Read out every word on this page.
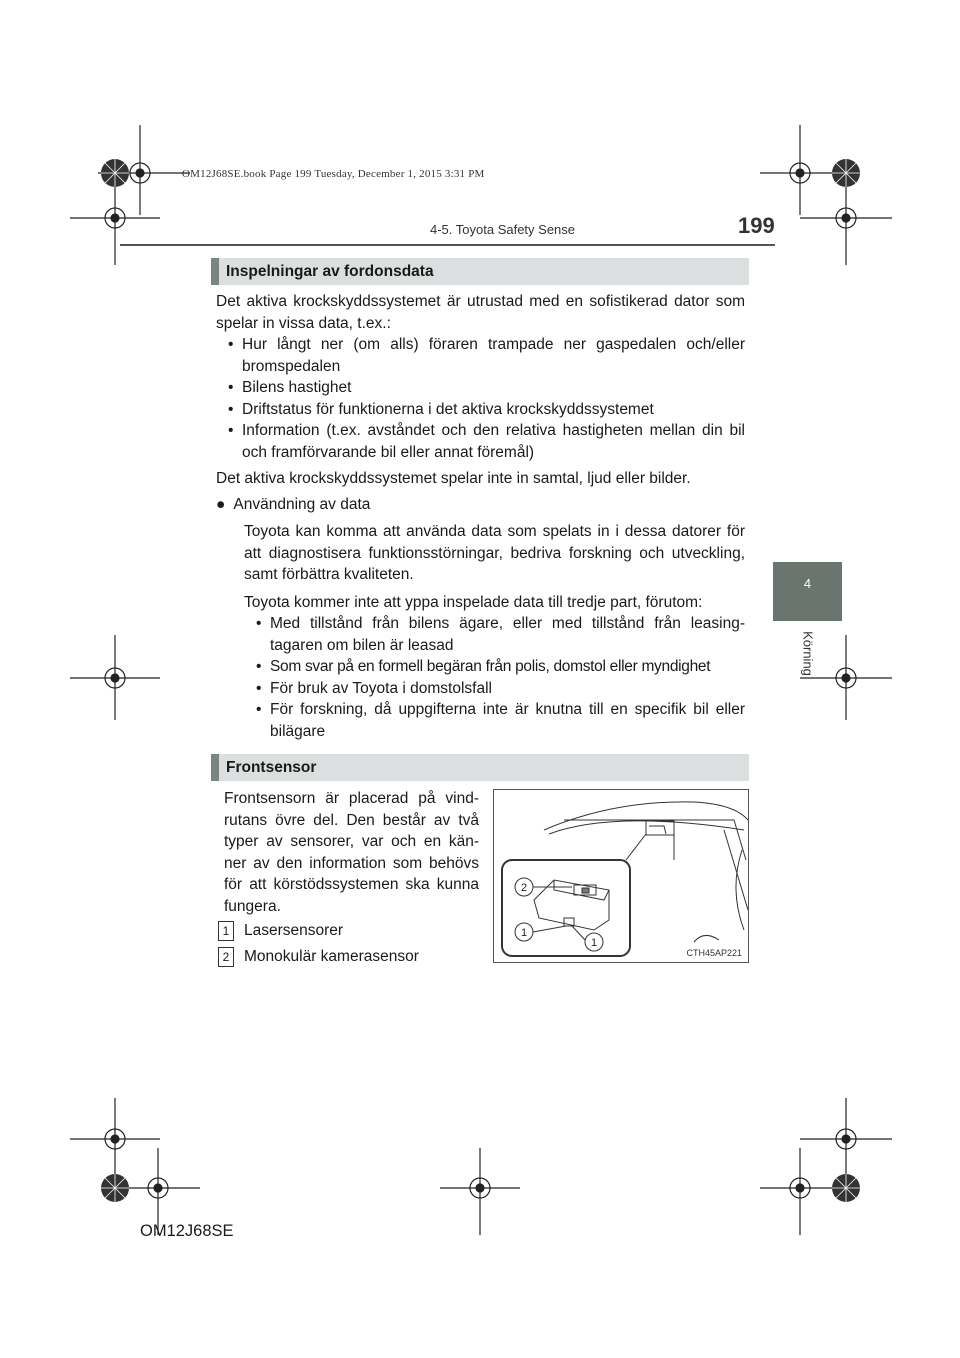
OM12J68SE.book Page 199 Tuesday, December 1, 2015 3:31 PM
4-5. Toyota Safety Sense	199
4
Körning
Inspelningar av fordonsdata
Det aktiva krockskyddssystemet är utrustad med en sofistikerad dator som spelar in vissa data, t.ex.:
• Hur långt ner (om alls) föraren trampade ner gaspedalen och/eller bromspedalen
• Bilens hastighet
• Driftstatus för funktionerna i det aktiva krockskyddssystemet
• Information (t.ex. avståndet och den relativa hastigheten mellan din bil och framförvarande bil eller annat föremål)
Det aktiva krockskyddssystemet spelar inte in samtal, ljud eller bilder.
● Användning av data
Toyota kan komma att använda data som spelats in i dessa datorer för att diagnostisera funktionsstörningar, bedriva forskning och utveckling, samt förbättra kvaliteten.
Toyota kommer inte att yppa inspelade data till tredje part, förutom:
• Med tillstånd från bilens ägare, eller med tillstånd från leasing-tagaren om bilen är leasad
• Som svar på en formell begäran från polis, domstol eller myndighet
• För bruk av Toyota i domstolsfall
• För forskning, då uppgifterna inte är knutna till en specifik bil eller bilägare
Frontsensor
Frontsensorn är placerad på vind-rutans övre del. Den består av två typer av sensorer, var och en kän-ner av den information som behövs för att körstödssystemen ska kunna fungera.
1 Lasersensorer
2 Monokulär kamerasensor
2
1
1
CTH45AP221
OM12J68SE
